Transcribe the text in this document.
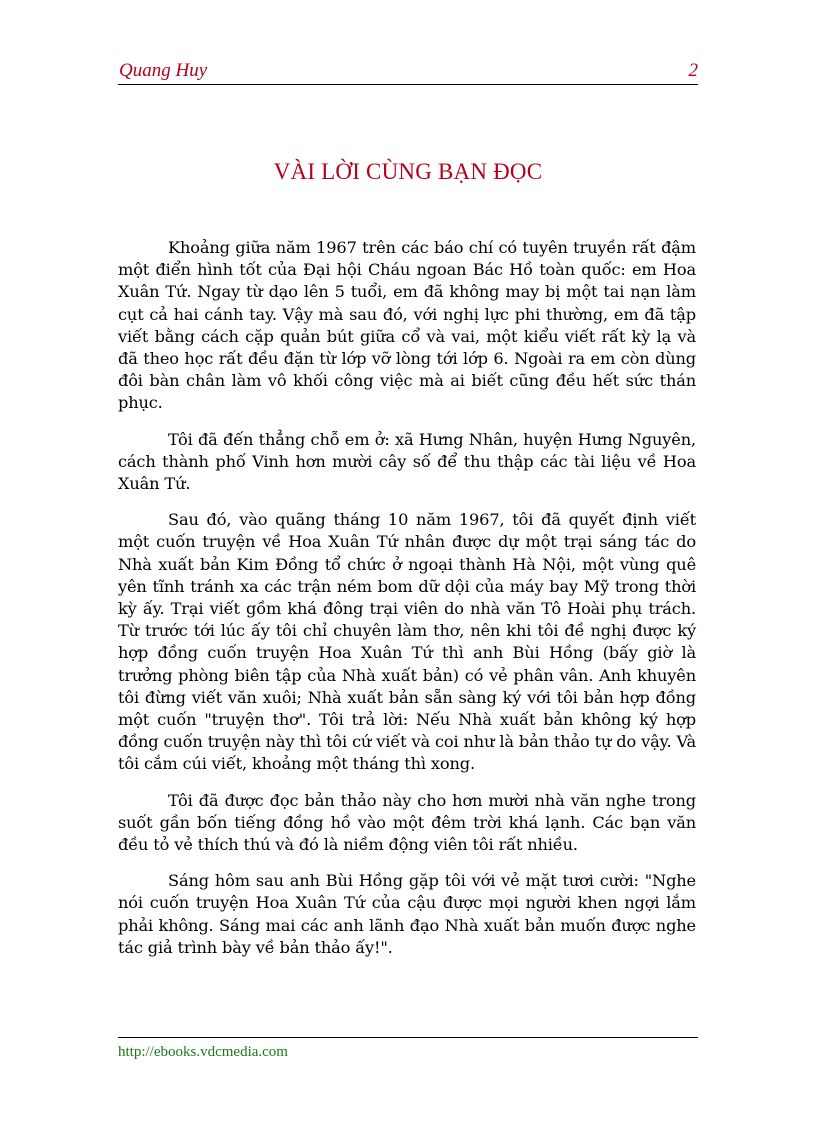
Quang Huy	2
VÀI LỜI CÙNG BẠN ĐỌC

Khoảng giữa năm 1967 trên các báo chí có tuyên truyền rất đậm một điển hình tốt của Đại hội Cháu ngoan Bác Hồ toàn quốc: em Hoa Xuân Tứ. Ngay từ dạo lên 5 tuổi, em đã không may bị một tai nạn làm cụt cả hai cánh tay. Vậy mà sau đó, với nghị lực phi thường, em đã tập viết bằng cách cặp quản bút giữa cổ và vai, một kiểu viết rất kỳ lạ và đã theo học rất đều đặn từ lớp vỡ lòng tới lớp 6. Ngoài ra em còn dùng đôi bàn chân làm vô khối công việc mà ai biết cũng đều hết sức thán phục.

Tôi đã đến thẳng chỗ em ở: xã Hưng Nhân, huyện Hưng Nguyên, cách thành phố Vinh hơn mười cây số để thu thập các tài liệu về Hoa Xuân Tứ.

Sau đó, vào quãng tháng 10 năm 1967, tôi đã quyết định viết một cuốn truyện về Hoa Xuân Tứ nhân được dự một trại sáng tác do Nhà xuất bản Kim Đồng tổ chức ở ngoại thành Hà Nội, một vùng quê yên tĩnh tránh xa các trận ném bom dữ dội của máy bay Mỹ trong thời kỳ ấy. Trại viết gồm khá đông trại viên do nhà văn Tô Hoài phụ trách. Từ trước tới lúc ấy tôi chỉ chuyên làm thơ, nên khi tôi đề nghị được ký hợp đồng cuốn truyện Hoa Xuân Tứ thì anh Bùi Hồng (bấy giờ là trưởng phòng biên tập của Nhà xuất bản) có vẻ phân vân. Anh khuyên tôi đừng viết văn xuôi; Nhà xuất bản sẵn sàng ký với tôi bản hợp đồng một cuốn "truyện thơ". Tôi trả lời: Nếu Nhà xuất bản không ký hợp đồng cuốn truyện này thì tôi cứ viết và coi như là bản thảo tự do vậy. Và tôi cắm cúi viết, khoảng một tháng thì xong.

Tôi đã được đọc bản thảo này cho hơn mười nhà văn nghe trong suốt gần bốn tiếng đồng hồ vào một đêm trời khá lạnh. Các bạn văn đều tỏ vẻ thích thú và đó là niềm động viên tôi rất nhiều.

Sáng hôm sau anh Bùi Hồng gặp tôi với vẻ mặt tươi cười: "Nghe nói cuốn truyện Hoa Xuân Tứ của cậu được mọi người khen ngợi lắm phải không. Sáng mai các anh lãnh đạo Nhà xuất bản muốn được nghe tác giả trình bày về bản thảo ấy!".

http://ebooks.vdcmedia.com
